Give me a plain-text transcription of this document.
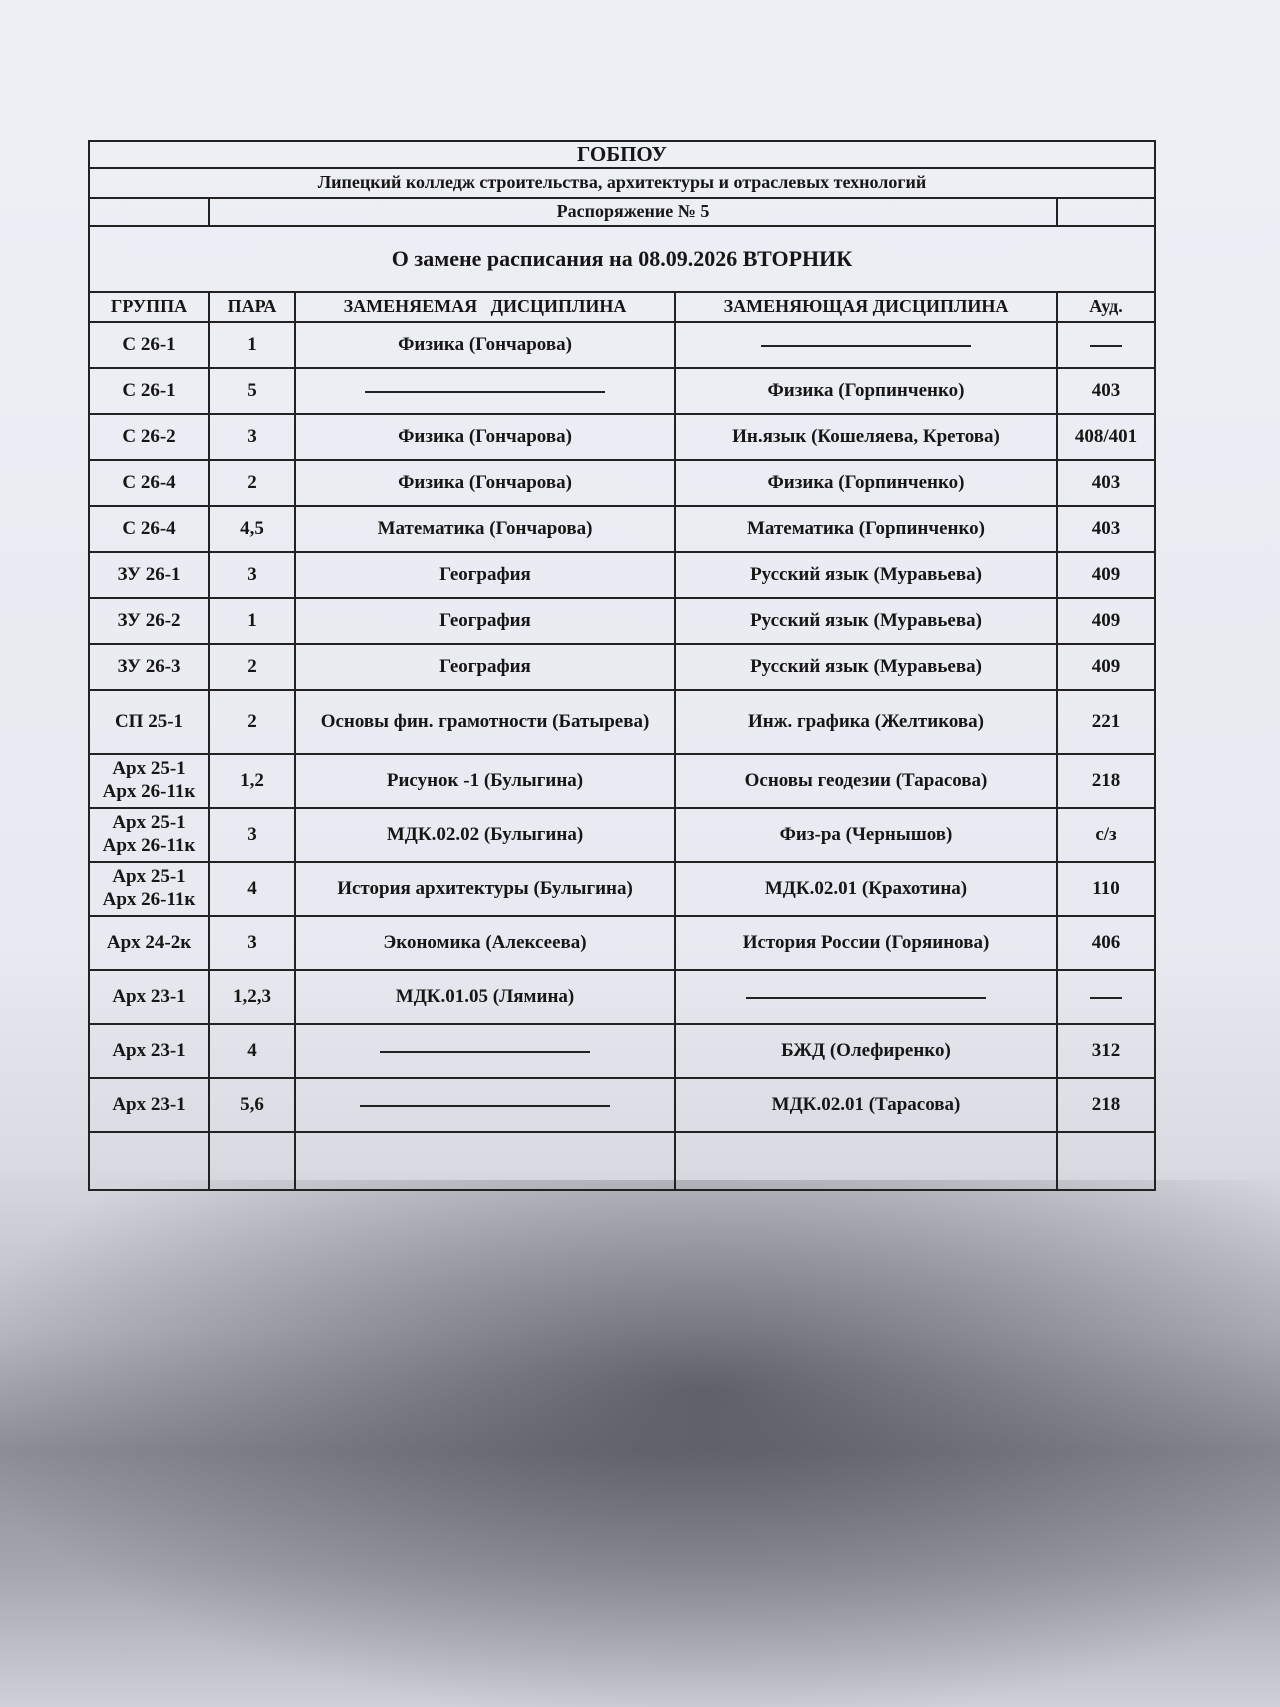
ГОБПОУ				
Липецкий колледж строительства, архитектуры и отраслевых технологий				
	Распоряжение № 5			
О замене расписания на 08.09.2026 ВТОРНИК				
ГРУППА	ПАРА	ЗАМЕНЯЕМАЯ   ДИСЦИПЛИНА	ЗАМЕНЯЮЩАЯ ДИСЦИПЛИНА	Ауд.
С 26-1	1	Физика (Гончарова)		
С 26-1	5		Физика (Горпинченко)	403
С 26-2	3	Физика (Гончарова)	Ин.язык (Кошеляева, Кретова)	408/401
С 26-4	2	Физика (Гончарова)	Физика (Горпинченко)	403
С 26-4	4,5	Математика (Гончарова)	Математика (Горпинченко)	403
ЗУ 26-1	3	География	Русский язык (Муравьева)	409
ЗУ 26-2	1	География	Русский язык (Муравьева)	409
ЗУ 26-3	2	География	Русский язык (Муравьева)	409
СП 25-1	2	Основы фин. грамотности (Батырева)	Инж. графика (Желтикова)	221

Арх 25-1
Арх 26-11к	1,2	Рисунок -1 (Булыгина)	Основы геодезии (Тарасова)	218

Арх 25-1
Арх 26-11к	3	МДК.02.02 (Булыгина)	Физ-ра (Чернышов)	с/з

Арх 25-1
Арх 26-11к	4	История архитектуры (Булыгина)	МДК.02.01 (Крахотина)	110
Арх 24-2к	3	Экономика (Алексеева)	История России (Горяинова)	406
Арх 23-1	1,2,3	МДК.01.05 (Лямина)		
Арх 23-1	4		БЖД (Олефиренко)	312
Арх 23-1	5,6		МДК.02.01 (Тарасова)	218
